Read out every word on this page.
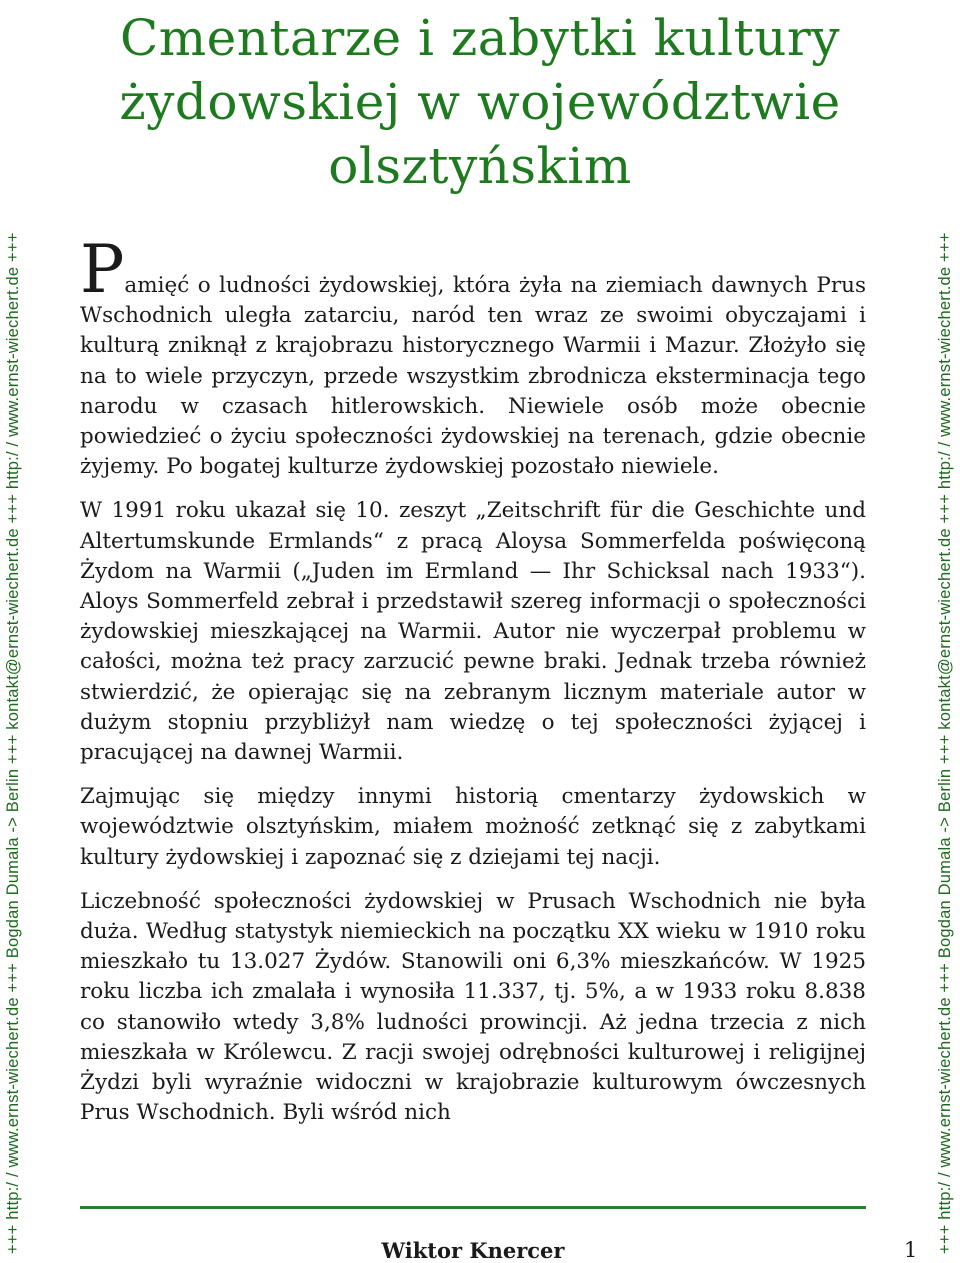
+++ http:/ / www.ernst-wiechert.de +++ Bogdan Dumala -> Berlin +++ kontakt@ernst-wiechert.de +++ http:/ / www.ernst-wiechert.de +++	+++ http:/ / www.ernst-wiechert.de +++ Bogdan Dumala -> Berlin +++ kontakt@ernst-wiechert.de +++ http:/ / www.ernst-wiechert.de +++
Cmentarze i zabytki kultury żydowskiej w województwie olsztyńskim

Pamięć o ludności żydowskiej, która żyła na ziemiach dawnych Prus Wschodnich uległa zatarciu, naród ten wraz ze swoimi obyczajami i kulturą zniknął z krajobrazu historycznego Warmii i Mazur. Złożyło się na to wiele przyczyn, przede wszystkim zbrodnicza eksterminacja tego narodu w czasach hitlerowskich. Niewiele osób może obecnie powiedzieć o życiu społeczności żydowskiej na terenach, gdzie obecnie żyjemy. Po bogatej kulturze żydowskiej pozostało niewiele.

W 1991 roku ukazał się 10. zeszyt „Zeitschrift für die Geschichte und Altertumskunde Ermlands“ z pracą Aloysa Sommerfelda poświęconą Żydom na Warmii („Juden im Ermland — Ihr Schicksal nach 1933“). Aloys Sommerfeld zebrał i przedstawił szereg informacji o społeczności żydowskiej mieszkającej na Warmii. Autor nie wyczerpał problemu w całości, można też pracy zarzucić pewne braki. Jednak trzeba również stwierdzić, że opierając się na zebranym licznym materiale autor w dużym stopniu przybliżył nam wiedzę o tej społeczności żyjącej i pracującej na dawnej Warmii.

Zajmując się między innymi historią cmentarzy żydowskich w województwie olsztyńskim, miałem możność zetknąć się z zabytkami kultury żydowskiej i zapoznać się z dziejami tej nacji.

Liczebność społeczności żydowskiej w Prusach Wschodnich nie była duża. Według statystyk niemieckich na początku XX wieku w 1910 roku mieszkało tu 13.027 Żydów. Stanowili oni 6,3% mieszkańców. W 1925 roku liczba ich zmalała i wynosiła 11.337, tj. 5%, a w 1933 roku 8.838 co stanowiło wtedy 3,8% ludności prowincji. Aż jedna trzecia z nich mieszkała w Królewcu. Z racji swojej odrębności kulturowej i religijnej Żydzi byli wyraźnie widoczni w krajobrazie kulturowym ówczesnych Prus Wschodnich. Byli wśród nich

Wiktor Knercer	1
